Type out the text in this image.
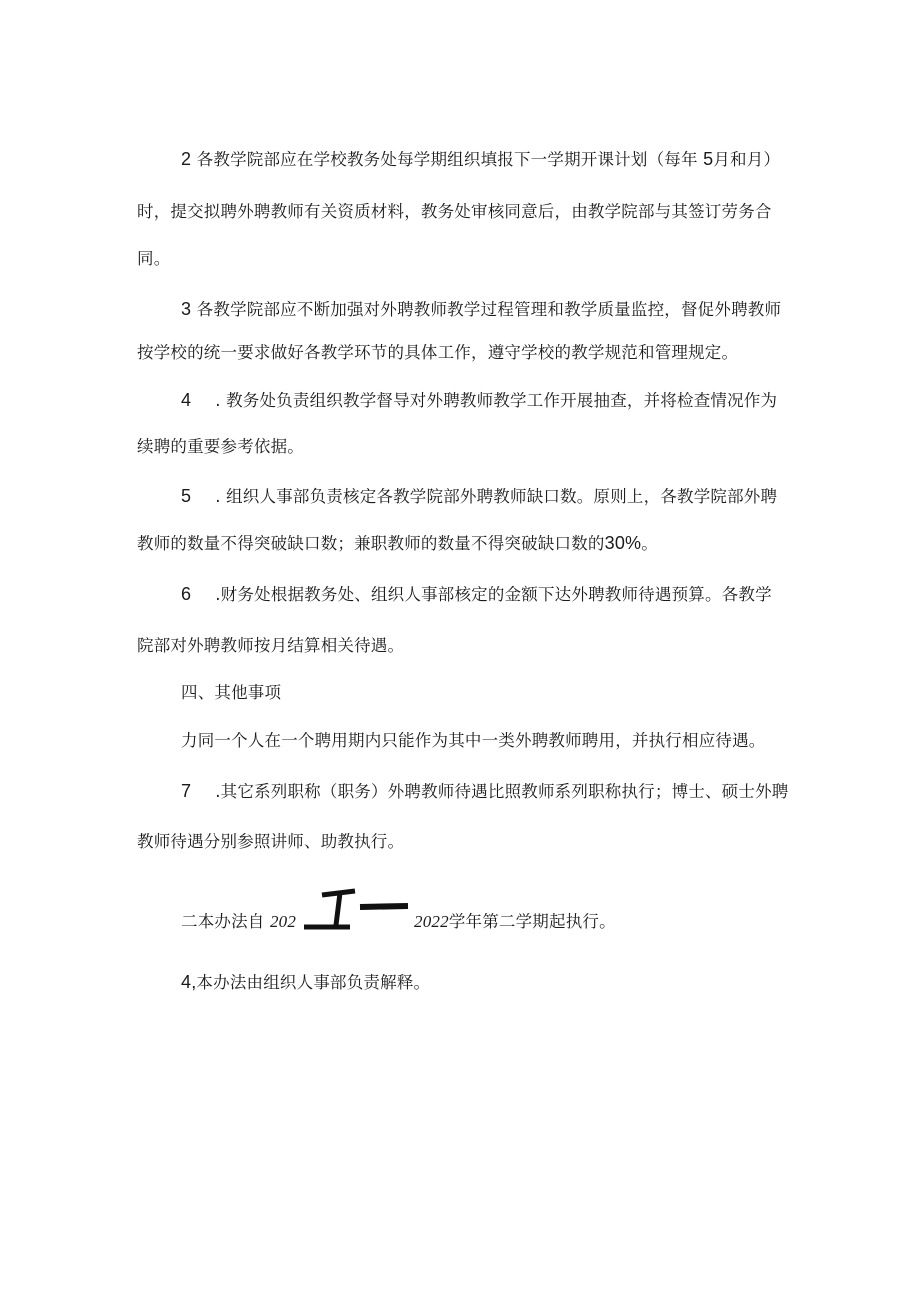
2 各教学院部应在学校教务处每学期组织填报下一学期开课计划（每年 5月和月）
时，提交拟聘外聘教师有关资质材料，教务处审核同意后，由教学院部与其签订劳务合
同。
3 各教学院部应不断加强对外聘教师教学过程管理和教学质量监控，督促外聘教师
按学校的统一要求做好各教学环节的具体工作，遵守学校的教学规范和管理规定。
4 . 教务处负责组织教学督导对外聘教师教学工作开展抽查，并将检查情况作为
续聘的重要参考依据。
5 . 组织人事部负责核定各教学院部外聘教师缺口数。原则上，各教学院部外聘
教师的数量不得突破缺口数；兼职教师的数量不得突破缺口数的30%。
6 .财务处根据教务处、组织人事部核定的金额下达外聘教师待遇预算。各教学
院部对外聘教师按月结算相关待遇。
四、其他事项
力同一个人在一个聘用期内只能作为其中一类外聘教师聘用，并执行相应待遇。
7 .其它系列职称（职务）外聘教师待遇比照教师系列职称执行；博士、硕士外聘
教师待遇分别参照讲师、助教执行。
二本办法自 202	2022学年第二学期起执行。
4,本办法由组织人事部负责解释。
